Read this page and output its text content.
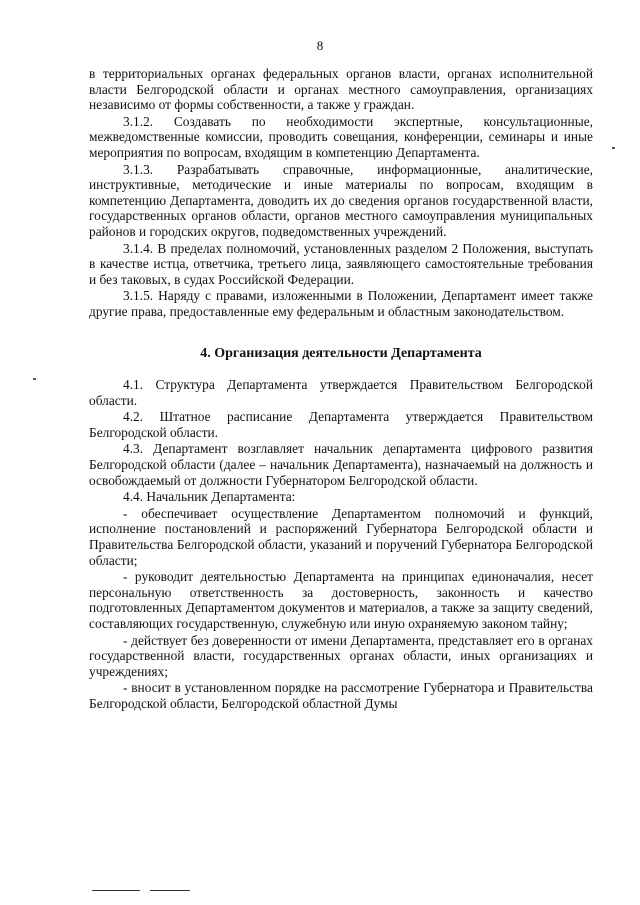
8
в территориальных органах федеральных органов власти, органах исполнительной власти Белгородской области и органах местного самоуправления, организациях независимо от формы собственности, а также у граждан.
3.1.2. Создавать по необходимости экспертные, консультационные, межведомственные комиссии, проводить совещания, конференции, семинары и иные мероприятия по вопросам, входящим в компетенцию Департамента.
3.1.3. Разрабатывать справочные, информационные, аналитические, инструктивные, методические и иные материалы по вопросам, входящим в компетенцию Департамента, доводить их до сведения органов государственной власти, государственных органов области, органов местного самоуправления муниципальных районов и городских округов, подведомственных учреждений.
3.1.4. В пределах полномочий, установленных разделом 2 Положения, выступать в качестве истца, ответчика, третьего лица, заявляющего самостоятельные требования и без таковых, в судах Российской Федерации.
3.1.5. Наряду с правами, изложенными в Положении, Департамент имеет также другие права, предоставленные ему федеральным и областным законодательством.
4. Организация деятельности Департамента
4.1. Структура Департамента утверждается Правительством Белгородской области.
4.2. Штатное расписание Департамента утверждается Правительством Белгородской области.
4.3. Департамент возглавляет начальник департамента цифрового развития Белгородской области (далее – начальник Департамента), назначаемый на должность и освобождаемый от должности Губернатором Белгородской области.
4.4. Начальник Департамента:
- обеспечивает осуществление Департаментом полномочий и функций, исполнение постановлений и распоряжений Губернатора Белгородской области и Правительства Белгородской области, указаний и поручений Губернатора Белгородской области;
- руководит деятельностью Департамента на принципах единоначалия, несет персональную ответственность за достоверность, законность и качество подготовленных Департаментом документов и материалов, а также за защиту сведений, составляющих государственную, служебную или иную охраняемую законом тайну;
- действует без доверенности от имени Департамента, представляет его в органах государственной власти, государственных органах области, иных организациях и учреждениях;
- вносит в установленном порядке на рассмотрение Губернатора и Правительства Белгородской области, Белгородской областной Думы
